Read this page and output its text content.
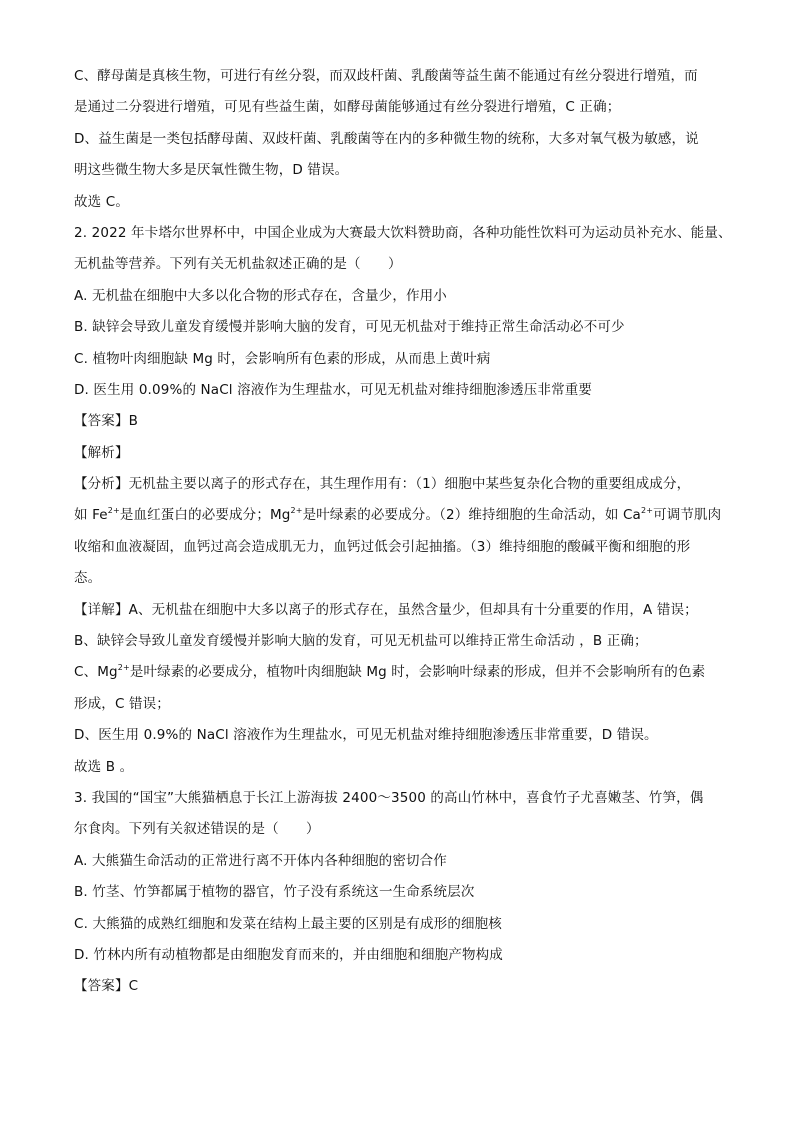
C、酵母菌是真核生物，可进行有丝分裂，而双歧杆菌、乳酸菌等益生菌不能通过有丝分裂进行增殖，而
是通过二分裂进行增殖，可见有些益生菌，如酵母菌能够通过有丝分裂进行增殖，C 正确；
D、益生菌是一类包括酵母菌、双歧杆菌、乳酸菌等在内的多种微生物的统称，大多对氧气极为敏感，说
明这些微生物大多是厌氧性微生物，D 错误。
故选 C。
2. 2022 年卡塔尔世界杯中，中国企业成为大赛最大饮料赞助商，各种功能性饮料可为运动员补充水、能量、
无机盐等营养。下列有关无机盐叙述正确的是（　　）
A. 无机盐在细胞中大多以化合物的形式存在，含量少，作用小
B. 缺锌会导致儿童发育缓慢并影响大脑的发育，可见无机盐对于维持正常生命活动必不可少
C. 植物叶肉细胞缺 Mg 时，会影响所有色素的形成，从而患上黄叶病
D. 医生用 0.09%的 NaCl 溶液作为生理盐水，可见无机盐对维持细胞渗透压非常重要
【答案】B
【解析】
【分析】无机盐主要以离子的形式存在，其生理作用有：（1）细胞中某些复杂化合物的重要组成成分，
如 $Fe^{2+}$是血红蛋白的必要成分；$Mg^{2+}$是叶绿素的必要成分。（2）维持细胞的生命活动，如 $Ca^{2+}$可调节肌肉
收缩和血液凝固，血钙过高会造成肌无力，血钙过低会引起抽搐。（3）维持细胞的酸碱平衡和细胞的形
态。
【详解】A、无机盐在细胞中大多以离子的形式存在，虽然含量少，但却具有十分重要的作用，A 错误；
B、缺锌会导致儿童发育缓慢并影响大脑的发育，可见无机盐可以维持正常生命活动 ，B 正确；
C、$Mg^{2+}$是叶绿素的必要成分，植物叶肉细胞缺 Mg 时，会影响叶绿素的形成，但并不会影响所有的色素
形成，C 错误；
D、医生用 0.9%的 NaCl 溶液作为生理盐水，可见无机盐对维持细胞渗透压非常重要，D 错误。
故选 B 。
3. 我国的“国宝”大熊猫栖息于长江上游海拔 2400～3500 的高山竹林中，喜食竹子尤喜嫩茎、竹笋，偶
尔食肉。下列有关叙述错误的是（　　）
A. 大熊猫生命活动的正常进行离不开体内各种细胞的密切合作
B. 竹茎、竹笋都属于植物的器官，竹子没有系统这一生命系统层次
C. 大熊猫的成熟红细胞和发菜在结构上最主要的区别是有成形的细胞核
D. 竹林内所有动植物都是由细胞发育而来的，并由细胞和细胞产物构成
【答案】C
